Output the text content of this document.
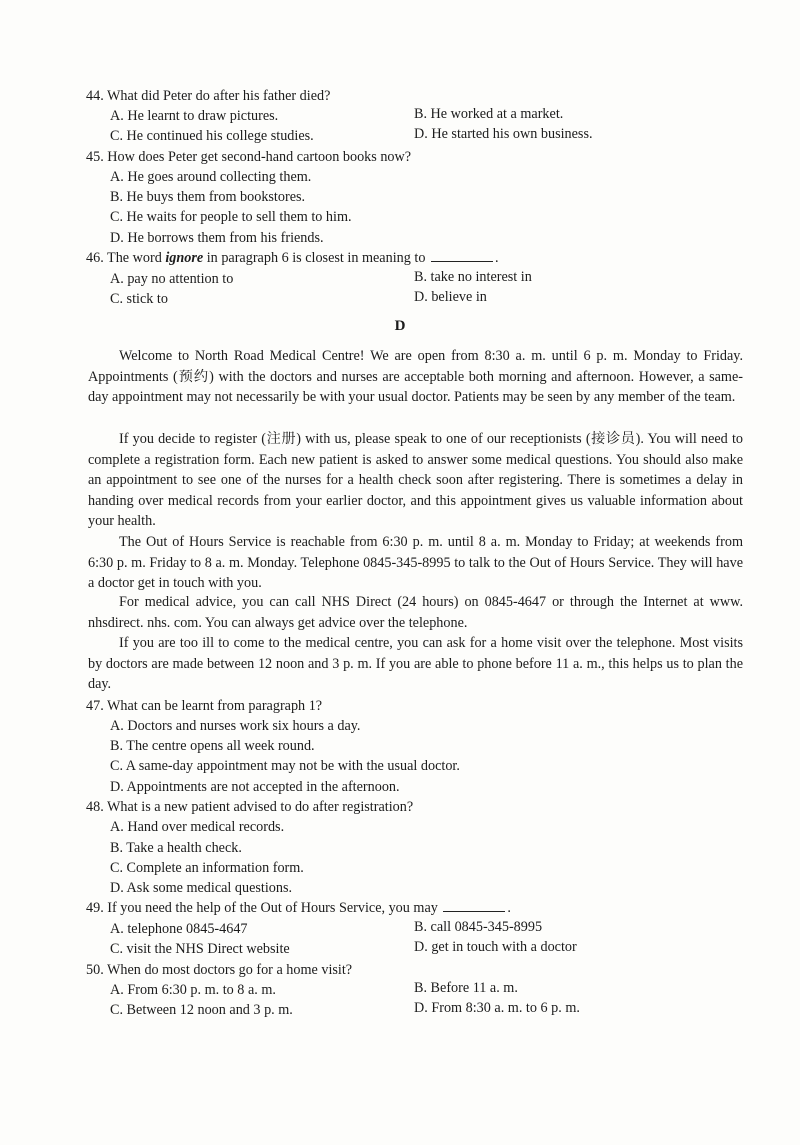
44. What did Peter do after his father died?
A. He learnt to draw pictures.	B. He worked at a market.
C. He continued his college studies.	D. He started his own business.
45. How does Peter get second-hand cartoon books now?
A. He goes around collecting them.
B. He buys them from bookstores.
C. He waits for people to sell them to him.
D. He borrows them from his friends.
46. The word ignore in paragraph 6 is closest in meaning to	.
A. pay no attention to	B. take no interest in
C. stick to	D. believe in
D
Welcome to North Road Medical Centre! We are open from 8:30 a. m. until 6 p. m. Monday to Friday. Appointments (预约) with the doctors and nurses are acceptable both morning and afternoon. However, a same-day appointment may not necessarily be with your usual doctor. Patients may be seen by any member of the team.
If you decide to register (注册) with us, please speak to one of our receptionists (接诊员). You will need to complete a registration form. Each new patient is asked to answer some medical questions. You should also make an appointment to see one of the nurses for a health check soon after registering. There is sometimes a delay in handing over medical records from your earlier doctor, and this appointment gives us valuable information about your health.
The Out of Hours Service is reachable from 6:30 p. m. until 8 a. m. Monday to Friday; at weekends from 6:30 p. m. Friday to 8 a. m. Monday. Telephone 0845-345-8995 to talk to the Out of Hours Service. They will have a doctor get in touch with you.
For medical advice, you can call NHS Direct (24 hours) on 0845-4647 or through the Internet at www. nhsdirect. nhs. com. You can always get advice over the telephone.
If you are too ill to come to the medical centre, you can ask for a home visit over the telephone. Most visits by doctors are made between 12 noon and 3 p. m. If you are able to phone before 11 a. m., this helps us to plan the day.
47. What can be learnt from paragraph 1?
A. Doctors and nurses work six hours a day.
B. The centre opens all week round.
C. A same-day appointment may not be with the usual doctor.
D. Appointments are not accepted in the afternoon.
48. What is a new patient advised to do after registration?
A. Hand over medical records.
B. Take a health check.
C. Complete an information form.
D. Ask some medical questions.
49. If you need the help of the Out of Hours Service, you may	.
A. telephone 0845-4647	B. call 0845-345-8995
C. visit the NHS Direct website	D. get in touch with a doctor
50. When do most doctors go for a home visit?
A. From 6:30 p. m. to 8 a. m.	B. Before 11 a. m.
C. Between 12 noon and 3 p. m.	D. From 8:30 a. m. to 6 p. m.
